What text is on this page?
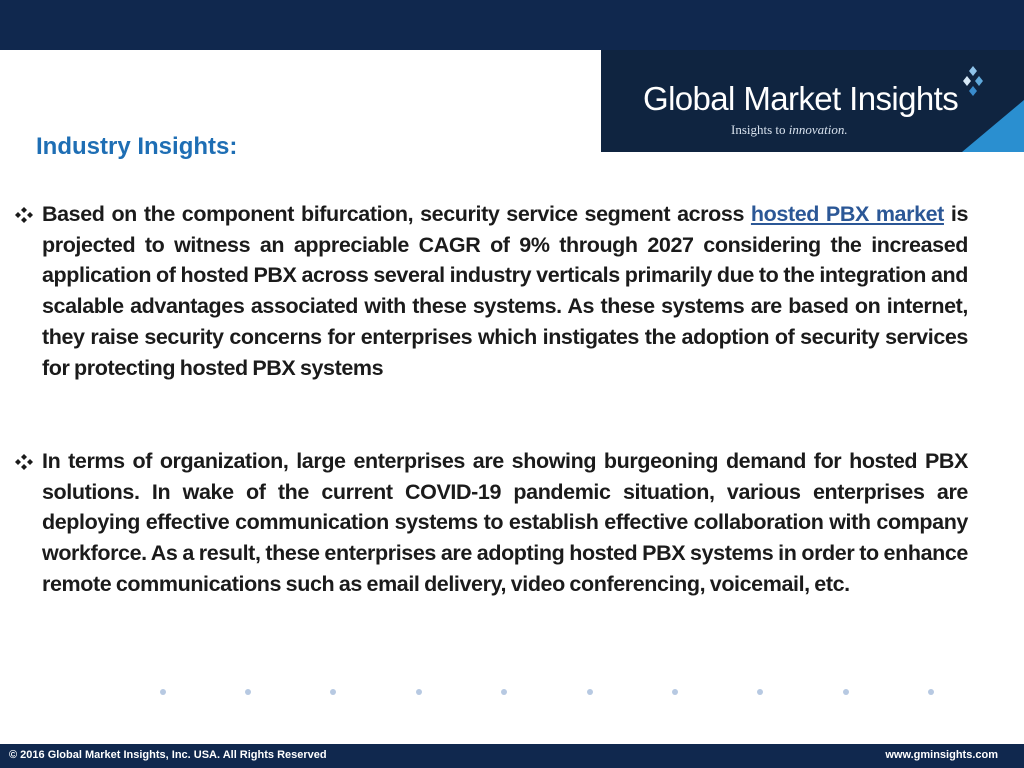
Global Market Insights
Insights to innovation.
Industry Insights:
Based on the component bifurcation, security service segment across hosted PBX market is projected to witness an appreciable CAGR of 9% through 2027 considering the increased application of hosted PBX across several industry verticals primarily due to the integration and scalable advantages associated with these systems. As these systems are based on internet, they raise security concerns for enterprises which instigates the adoption of security services for protecting hosted PBX systems
In terms of organization, large enterprises are showing burgeoning demand for hosted PBX solutions. In wake of the current COVID-19 pandemic situation, various enterprises are deploying effective communication systems to establish effective collaboration with company workforce. As a result, these enterprises are adopting hosted PBX systems in order to enhance remote communications such as email delivery, video conferencing, voicemail, etc.
© 2016 Global Market Insights, Inc. USA. All Rights Reserved	www.gminsights.com
